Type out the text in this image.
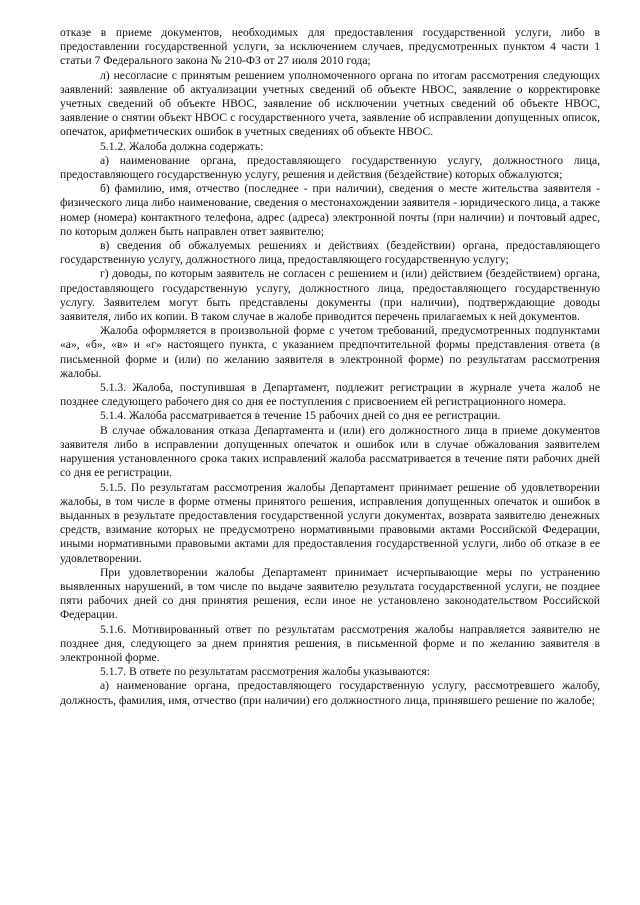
отказе в приеме документов, необходимых для предоставления государственной услуги, либо в предоставлении государственной услуги, за исключением случаев, предусмотренных пунктом 4 части 1 статьи 7 Федерального закона № 210-ФЗ от 27 июля 2010 года;

л) несогласие с принятым решением уполномоченного органа по итогам рассмотрения следующих заявлений: заявление об актуализации учетных сведений об объекте НВОС, заявление о корректировке учетных сведений об объекте НВОС, заявление об исключении учетных сведений об объекте НВОС, заявление о снятии объект НВОС с государственного учета, заявление об исправлении допущенных описок, опечаток, арифметических ошибок в учетных сведениях об объекте НВОС.

5.1.2. Жалоба должна содержать:

а) наименование органа, предоставляющего государственную услугу, должностного лица, предоставляющего государственную услугу, решения и действия (бездействие) которых обжалуются;

б) фамилию, имя, отчество (последнее - при наличии), сведения о месте жительства заявителя - физического лица либо наименование, сведения о местонахождении заявителя - юридического лица, а также номер (номера) контактного телефона, адрес (адреса) электронной почты (при наличии) и почтовый адрес, по которым должен быть направлен ответ заявителю;

в) сведения об обжалуемых решениях и действиях (бездействии) органа, предоставляющего государственную услугу, должностного лица, предоставляющего государственную услугу;

г) доводы, по которым заявитель не согласен с решением и (или) действием (бездействием) органа, предоставляющего государственную услугу, должностного лица, предоставляющего государственную услугу. Заявителем могут быть представлены документы (при наличии), подтверждающие доводы заявителя, либо их копии. В таком случае в жалобе приводится перечень прилагаемых к ней документов.

Жалоба оформляется в произвольной форме с учетом требований, предусмотренных подпунктами «а», «б», «в» и «г» настоящего пункта, с указанием предпочтительной формы представления ответа (в письменной форме и (или) по желанию заявителя в электронной форме) по результатам рассмотрения жалобы.

5.1.3. Жалоба, поступившая в Департамент, подлежит регистрации в журнале учета жалоб не позднее следующего рабочего дня со дня ее поступления с присвоением ей регистрационного номера.

5.1.4. Жалоба рассматривается в течение 15 рабочих дней со дня ее регистрации.

В случае обжалования отказа Департамента и (или) его должностного лица в приеме документов заявителя либо в исправлении допущенных опечаток и ошибок или в случае обжалования заявителем нарушения установленного срока таких исправлений жалоба рассматривается в течение пяти рабочих дней со дня ее регистрации.

5.1.5. По результатам рассмотрения жалобы Департамент принимает решение об удовлетворении жалобы, в том числе в форме отмены принятого решения, исправления допущенных опечаток и ошибок в выданных в результате предоставления государственной услуги документах, возврата заявителю денежных средств, взимание которых не предусмотрено нормативными правовыми актами Российской Федерации, иными нормативными правовыми актами для предоставления государственной услуги, либо об отказе в ее удовлетворении.

При удовлетворении жалобы Департамент принимает исчерпывающие меры по устранению выявленных нарушений, в том числе по выдаче заявителю результата государственной услуги, не позднее пяти рабочих дней со дня принятия решения, если иное не установлено законодательством Российской Федерации.

5.1.6. Мотивированный ответ по результатам рассмотрения жалобы направляется заявителю не позднее дня, следующего за днем принятия решения, в письменной форме и по желанию заявителя в электронной форме.

5.1.7. В ответе по результатам рассмотрения жалобы указываются:

а) наименование органа, предоставляющего государственную услугу, рассмотревшего жалобу, должность, фамилия, имя, отчество (при наличии) его должностного лица, принявшего решение по жалобе;
